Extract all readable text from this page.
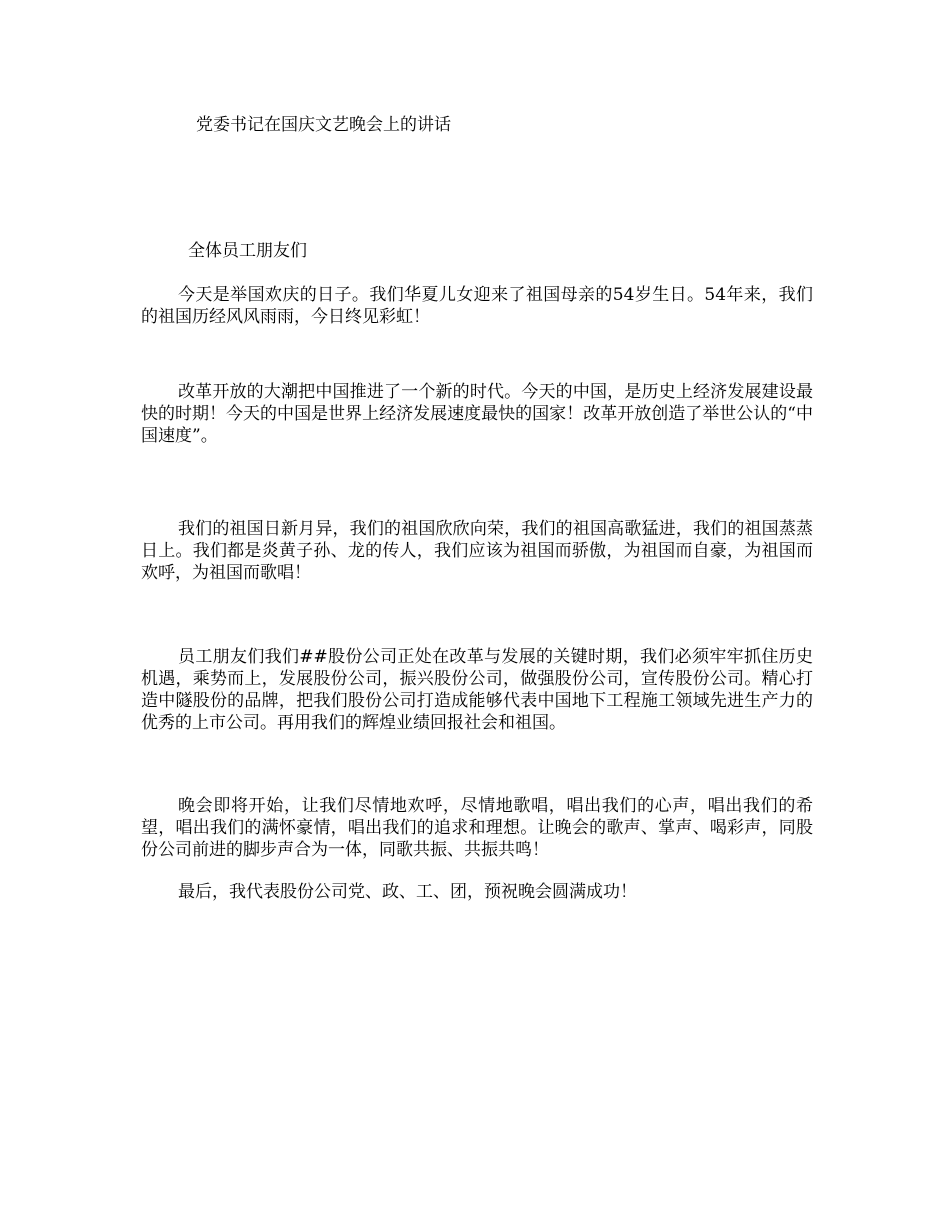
党委书记在国庆文艺晚会上的讲话
全体员工朋友们

今天是举国欢庆的日子。我们华夏儿女迎来了祖国母亲的54岁生日。54年来，我们的祖国历经风风雨雨，今日终见彩虹！

改革开放的大潮把中国推进了一个新的时代。今天的中国，是历史上经济发展建设最快的时期！今天的中国是世界上经济发展速度最快的国家！改革开放创造了举世公认的“中国速度”。

我们的祖国日新月异，我们的祖国欣欣向荣，我们的祖国高歌猛进，我们的祖国蒸蒸日上。我们都是炎黄子孙、龙的传人，我们应该为祖国而骄傲，为祖国而自豪，为祖国而欢呼，为祖国而歌唱！

员工朋友们我们##股份公司正处在改革与发展的关键时期，我们必须牢牢抓住历史机遇，乘势而上，发展股份公司，振兴股份公司，做强股份公司，宣传股份公司。精心打造中隧股份的品牌，把我们股份公司打造成能够代表中国地下工程施工领域先进生产力的优秀的上市公司。再用我们的辉煌业绩回报社会和祖国。

晚会即将开始，让我们尽情地欢呼，尽情地歌唱，唱出我们的心声，唱出我们的希望，唱出我们的满怀豪情，唱出我们的追求和理想。让晚会的歌声、掌声、喝彩声，同股份公司前进的脚步声合为一体，同歌共振、共振共鸣！

最后，我代表股份公司党、政、工、团，预祝晚会圆满成功！
